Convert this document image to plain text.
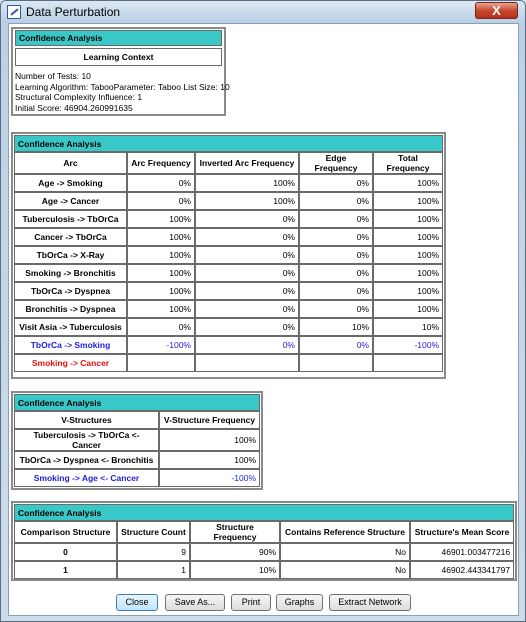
Data Perturbation	X
Confidence Analysis
Learning Context
Number of Tests: 10
Learning Algorithm: TabooParameter: Taboo List Size: 10
Structural Complexity Influence: 1
Initial Score: 46904.260991635
Confidence Analysis				
Arc	Arc Frequency	Inverted Arc Frequency	Edge Frequency	Total Frequency
Age -> Smoking	0%	100%	0%	100%
Age -> Cancer	0%	100%	0%	100%
Tuberculosis -> TbOrCa	100%	0%	0%	100%
Cancer -> TbOrCa	100%	0%	0%	100%
TbOrCa -> X-Ray	100%	0%	0%	100%
Smoking -> Bronchitis	100%	0%	0%	100%
TbOrCa -> Dyspnea	100%	0%	0%	100%
Bronchitis -> Dyspnea	100%	0%	0%	100%
Visit Asia -> Tuberculosis	0%	0%	10%	10%
TbOrCa -> Smoking	-100%	0%	0%	-100%
Smoking -> Cancer				
Confidence Analysis	
V-Structures	V-Structure Frequency
Tuberculosis -> TbOrCa <- Cancer	100%
TbOrCa -> Dyspnea <- Bronchitis	100%
Smoking -> Age <- Cancer	-100%
Confidence Analysis				
Comparison Structure	Structure Count	Structure Frequency	Contains Reference Structure	Structure's Mean Score
0	9	90%	No	46901.003477216
1	1	10%	No	46902.443341797
Close	Save As...	Print	Graphs	Extract Network
